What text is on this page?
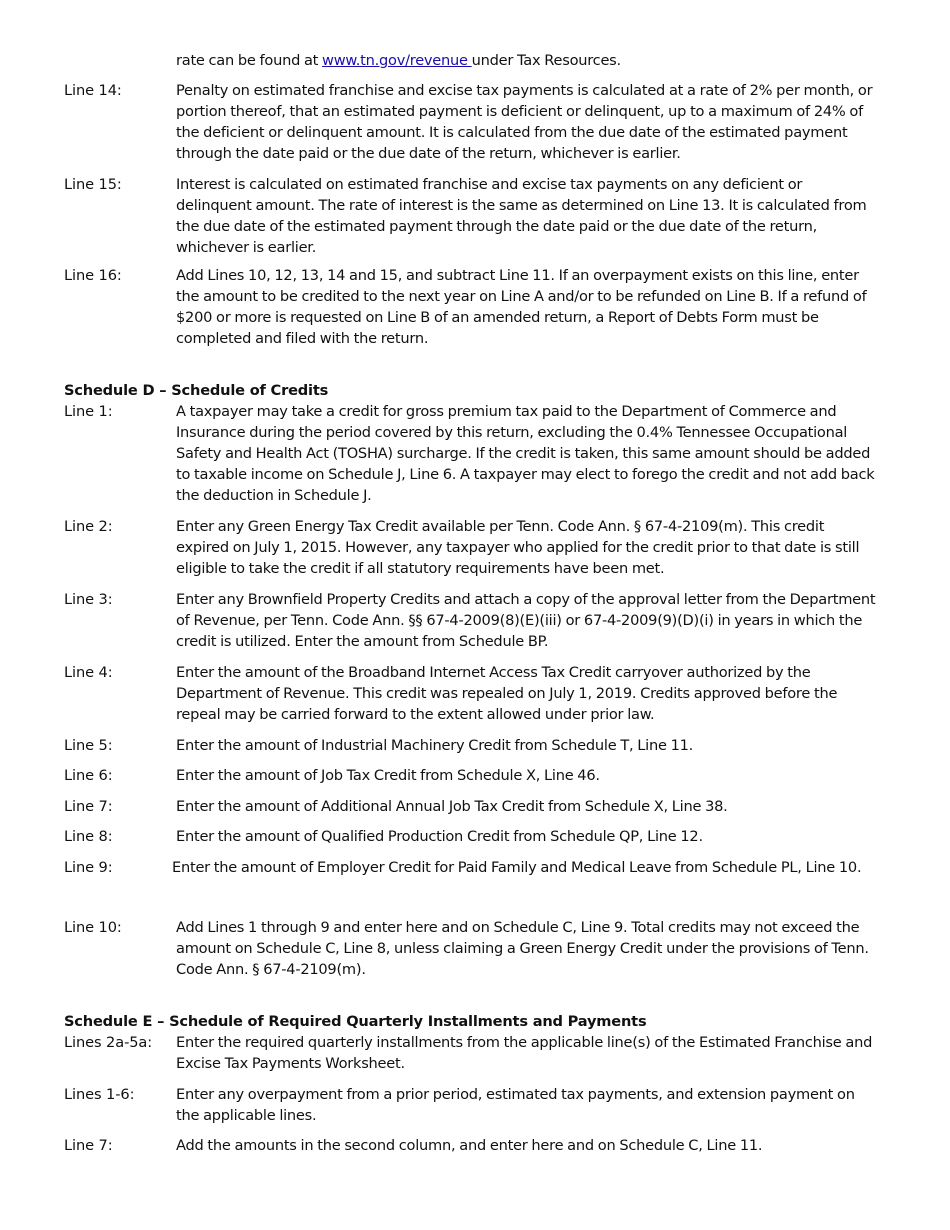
rate can be found at www.tn.gov/revenue under Tax Resources.
Line 14:	Penalty on estimated franchise and excise tax payments is calculated at a rate of 2% per month, or portion thereof, that an estimated payment is deficient or delinquent, up to a maximum of 24% of the deficient or delinquent amount. It is calculated from the due date of the estimated payment through the date paid or the due date of the return, whichever is earlier.
Line 15:	Interest is calculated on estimated franchise and excise tax payments on any deficient or delinquent amount. The rate of interest is the same as determined on Line 13. It is calculated from the due date of the estimated payment through the date paid or the due date of the return, whichever is earlier.
Line 16:	Add Lines 10, 12, 13, 14 and 15, and subtract Line 11. If an overpayment exists on this line, enter the amount to be credited to the next year on Line A and/or to be refunded on Line B. If a refund of $200 or more is requested on Line B of an amended return, a Report of Debts Form must be completed and filed with the return.
Schedule D – Schedule of Credits
Line 1:	A taxpayer may take a credit for gross premium tax paid to the Department of Commerce and Insurance during the period covered by this return, excluding the 0.4% Tennessee Occupational Safety and Health Act (TOSHA) surcharge. If the credit is taken, this same amount should be added to taxable income on Schedule J, Line 6. A taxpayer may elect to forego the credit and not add back the deduction in Schedule J.
Line 2:	Enter any Green Energy Tax Credit available per Tenn. Code Ann. § 67-4-2109(m). This credit expired on July 1, 2015. However, any taxpayer who applied for the credit prior to that date is still eligible to take the credit if all statutory requirements have been met.
Line 3:	Enter any Brownfield Property Credits and attach a copy of the approval letter from the Department of Revenue, per Tenn. Code Ann. §§ 67-4-2009(8)(E)(iii) or 67-4-2009(9)(D)(i) in years in which the credit is utilized. Enter the amount from Schedule BP.
Line 4:	Enter the amount of the Broadband Internet Access Tax Credit carryover authorized by the Department of Revenue. This credit was repealed on July 1, 2019. Credits approved before the repeal may be carried forward to the extent allowed under prior law.
Line 5:	Enter the amount of Industrial Machinery Credit from Schedule T, Line 11.
Line 6:	Enter the amount of Job Tax Credit from Schedule X, Line 46.
Line 7:	Enter the amount of Additional Annual Job Tax Credit from Schedule X, Line 38.
Line 8:	Enter the amount of Qualified Production Credit from Schedule QP, Line 12.
Line 9:	Enter the amount of Employer Credit for Paid Family and Medical Leave from Schedule PL, Line 10.
Line 10:	Add Lines 1 through 9 and enter here and on Schedule C, Line 9. Total credits may not exceed the amount on Schedule C, Line 8, unless claiming a Green Energy Credit under the provisions of Tenn. Code Ann. § 67-4-2109(m).
Schedule E – Schedule of Required Quarterly Installments and Payments
Lines 2a-5a: Enter the required quarterly installments from the applicable line(s) of the Estimated Franchise and Excise Tax Payments Worksheet.
Lines 1-6:	Enter any overpayment from a prior period, estimated tax payments, and extension payment on the applicable lines.
Line 7:	Add the amounts in the second column, and enter here and on Schedule C, Line 11.
